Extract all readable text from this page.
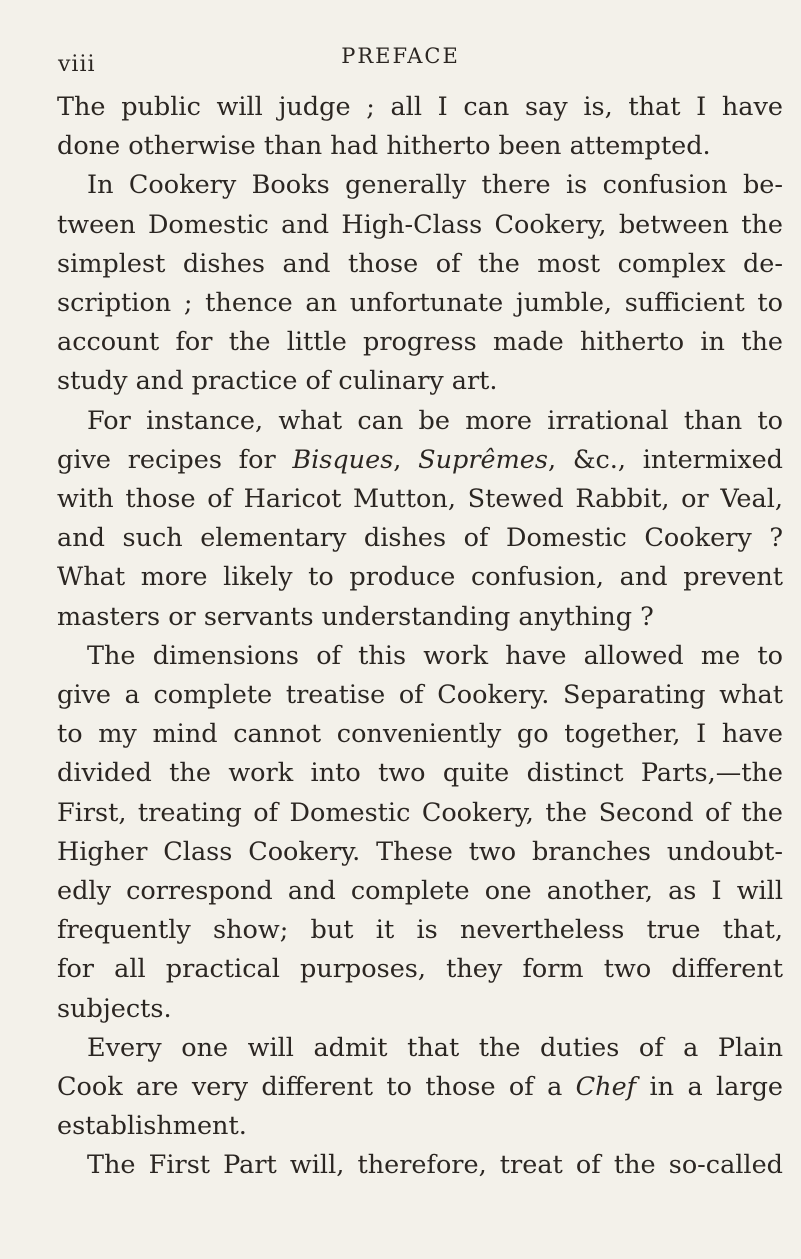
viii	PREFACE
The public will judge ; all I can say is, that I have
done otherwise than had hitherto been attempted.
In Cookery Books generally there is confusion be-
tween Domestic and High-Class Cookery, between the
simplest dishes and those of the most complex de-
scription ; thence an unfortunate jumble, sufficient to
account for the little progress made hitherto in the
study and practice of culinary art.
For instance, what can be more irrational than to
give recipes for Bisques, Suprêmes, &c., intermixed
with those of Haricot Mutton, Stewed Rabbit, or Veal,
and such elementary dishes of Domestic Cookery ?
What more likely to produce confusion, and prevent
masters or servants understanding anything ?
The dimensions of this work have allowed me to
give a complete treatise of Cookery. Separating what
to my mind cannot conveniently go together, I have
divided the work into two quite distinct Parts,—the
First, treating of Domestic Cookery, the Second of the
Higher Class Cookery. These two branches undoubt-
edly correspond and complete one another, as I will
frequently show; but it is nevertheless true that,
for all practical purposes, they form two different
subjects.
Every one will admit that the duties of a Plain
Cook are very different to those of a Chef in a large
establishment.
The First Part will, therefore, treat of the so-called
